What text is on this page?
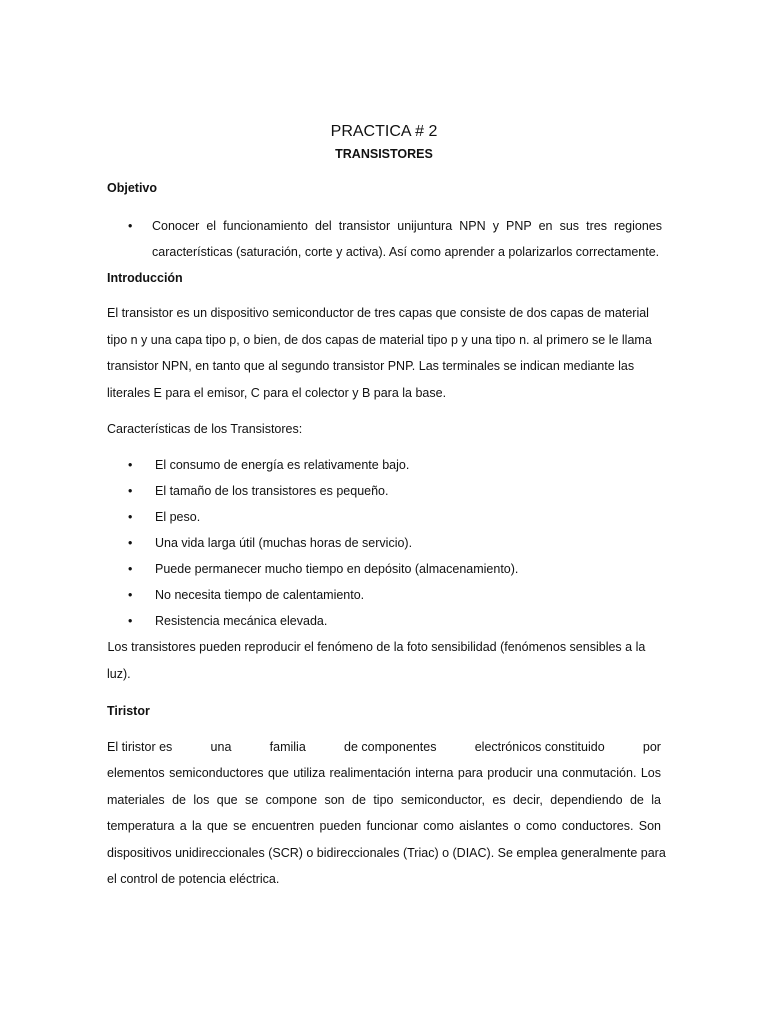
PRACTICA # 2
TRANSISTORES
Objetivo
• Conocer el funcionamiento del transistor unijuntura NPN y PNP en sus tres regiones
características (saturación, corte y activa). Así como aprender a polarizarlos correctamente.
Introducción
El transistor es un dispositivo semiconductor de tres capas que consiste de dos capas de material
tipo n y una capa tipo p, o bien, de dos capas de material tipo p y una tipo n. al primero se le llama
transistor NPN, en tanto que al segundo transistor PNP. Las terminales se indican mediante las
literales E para el emisor, C para el colector y B para la base.
Características de los Transistores:
• El consumo de energía es relativamente bajo.
• El tamaño de los transistores es pequeño.
• El peso.
• Una vida larga útil (muchas horas de servicio).
• Puede permanecer mucho tiempo en depósito (almacenamiento).
• No necesita tiempo de calentamiento.
• Resistencia mecánica elevada.
Los transistores pueden reproducir el fenómeno de la foto sensibilidad (fenómenos sensibles a la
luz).
Tiristor
El tiristor es	una	familia	de componentes	electrónicos constituido	por
elementos semiconductores que utiliza realimentación interna para producir una conmutación. Los
materiales de los que se compone son de tipo semiconductor, es decir, dependiendo de la
temperatura a la que se encuentren pueden funcionar como aislantes o como conductores. Son
dispositivos unidireccionales (SCR) o bidireccionales (Triac) o (DIAC). Se emplea generalmente para
el control de potencia eléctrica.
